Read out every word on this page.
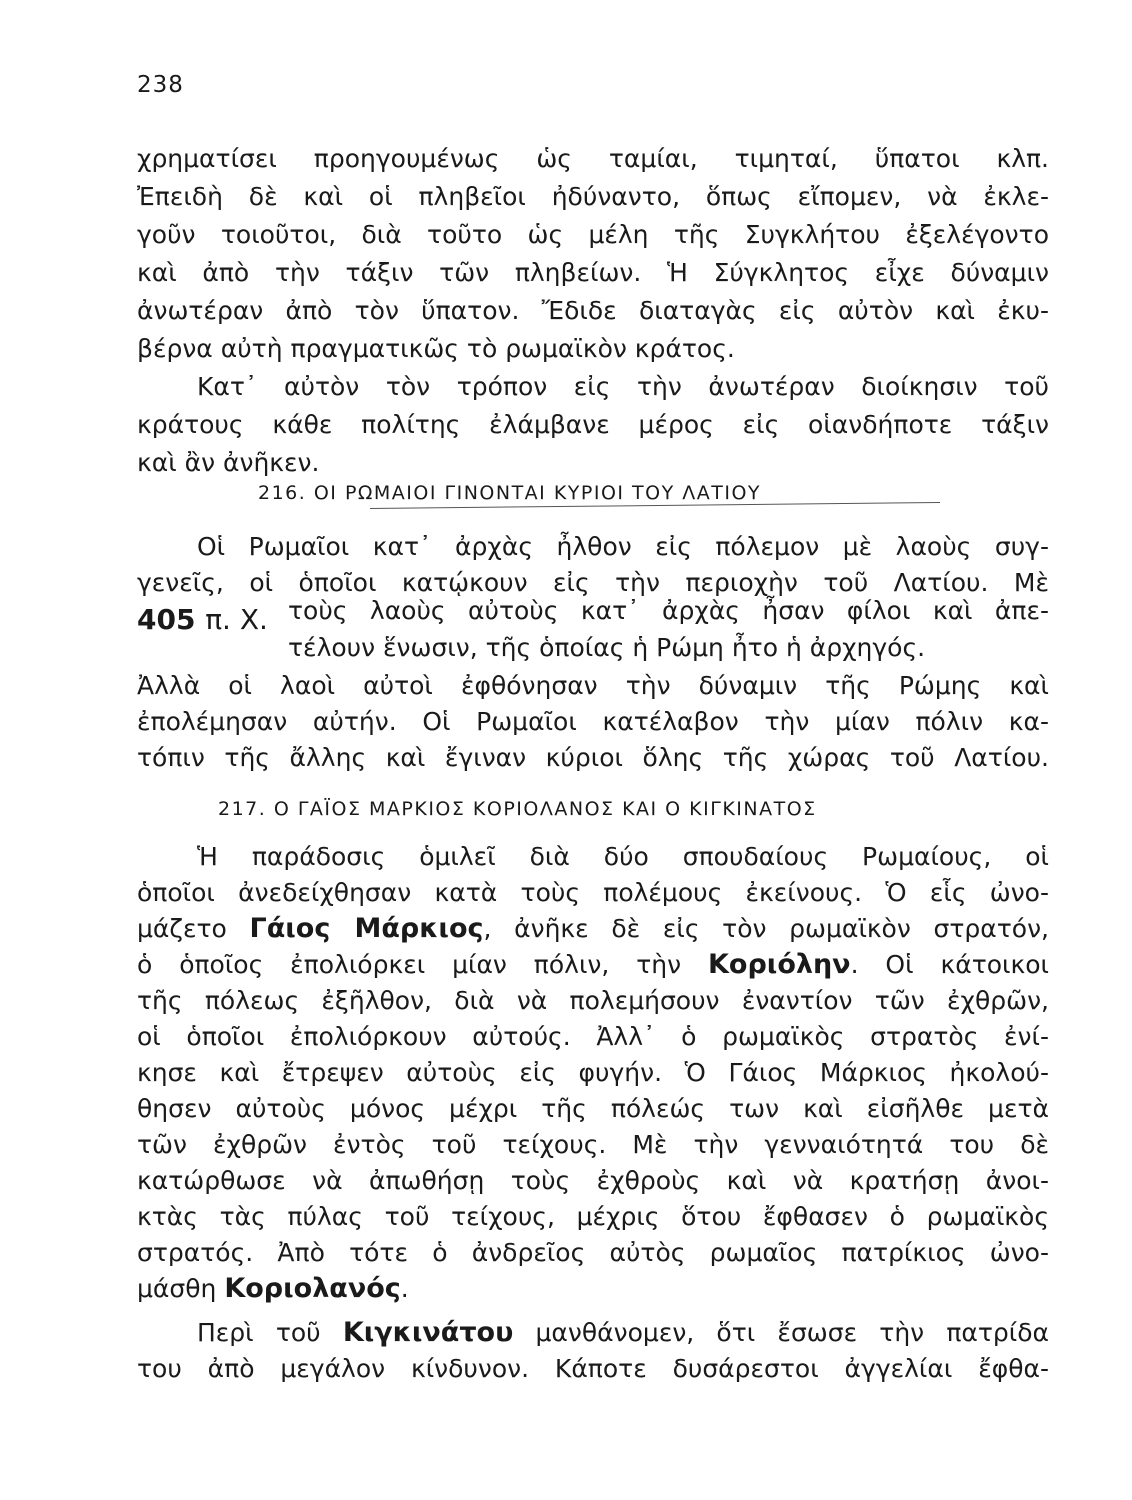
238
χρηματίσει προηγουμένως ὡς ταμίαι, τιμηταί, ὕπατοι κλπ.
Ἐπειδὴ δὲ καὶ οἱ πληβεῖοι ἠδύναντο, ὅπως εἴπομεν, νὰ ἐκλε-
γοῦν τοιοῦτοι, διὰ τοῦτο ὡς μέλη τῆς Συγκλήτου ἐξελέγοντο
καὶ ἀπὸ τὴν τάξιν τῶν πληβείων. Ἡ Σύγκλητος εἶχε δύναμιν
ἀνωτέραν ἀπὸ τὸν ὕπατον. Ἔδιδε διαταγὰς εἰς αὐτὸν καὶ ἐκυ-
βέρνα αὐτὴ πραγματικῶς τὸ ρωμαϊκὸν κράτος.
Κατ᾽ αὐτὸν τὸν τρόπον εἰς τὴν ἀνωτέραν διοίκησιν τοῦ
κράτους κάθε πολίτης ἐλάμβανε μέρος εἰς οἱανδήποτε τάξιν
καὶ ἂν ἀνῆκεν.
216. ΟΙ ΡΩΜΑΙΟΙ ΓΙΝΟΝΤΑΙ ΚΥΡΙΟΙ ΤΟΥ ΛΑΤΙΟΥ
Οἱ Ρωμαῖοι κατ᾽ ἀρχὰς ἦλθον εἰς πόλεμον μὲ λαοὺς συγ-
γενεῖς, οἱ ὁποῖοι κατῴκουν εἰς τὴν περιοχὴν τοῦ Λατίου. Μὲ
405 π. Χ. τοὺς λαοὺς αὐτοὺς κατ᾽ ἀρχὰς ἦσαν φίλοι καὶ ἀπε-
τέλουν ἕνωσιν, τῆς ὁποίας ἡ Ρώμη ἦτο ἡ ἀρχηγός.
Ἀλλὰ οἱ λαοὶ αὐτοὶ ἐφθόνησαν τὴν δύναμιν τῆς Ρώμης καὶ
ἐπολέμησαν αὐτήν. Οἱ Ρωμαῖοι κατέλαβον τὴν μίαν πόλιν κα-
τόπιν τῆς ἄλλης καὶ ἔγιναν κύριοι ὅλης τῆς χώρας τοῦ Λατίου.
217. Ο ΓΑΪΟΣ ΜΑΡΚΙΟΣ ΚΟΡΙΟΛΑΝΟΣ ΚΑΙ Ο ΚΙΓΚΙΝΑΤΟΣ
Ἡ παράδοσις ὁμιλεῖ διὰ δύο σπουδαίους Ρωμαίους, οἱ
ὁποῖοι ἀνεδείχθησαν κατὰ τοὺς πολέμους ἐκείνους. Ὁ εἷς ὠνο-
μάζετο Γάιος Μάρκιος, ἀνῆκε δὲ εἰς τὸν ρωμαϊκὸν στρατόν,
ὁ ὁποῖος ἐπολιόρκει μίαν πόλιν, τὴν Κοριόλην. Οἱ κάτοικοι
τῆς πόλεως ἐξῆλθον, διὰ νὰ πολεμήσουν ἐναντίον τῶν ἐχθρῶν,
οἱ ὁποῖοι ἐπολιόρκουν αὐτούς. Ἀλλ᾽ ὁ ρωμαϊκὸς στρατὸς ἐνί-
κησε καὶ ἔτρεψεν αὐτοὺς εἰς φυγήν. Ὁ Γάιος Μάρκιος ἠκολού-
θησεν αὐτοὺς μόνος μέχρι τῆς πόλεώς των καὶ εἰσῆλθε μετὰ
τῶν ἐχθρῶν ἐντὸς τοῦ τείχους. Μὲ τὴν γενναιότητά του δὲ
κατώρθωσε νὰ ἀπωθήσῃ τοὺς ἐχθροὺς καὶ νὰ κρατήσῃ ἀνοι-
κτὰς τὰς πύλας τοῦ τείχους, μέχρις ὅτου ἔφθασεν ὁ ρωμαϊκὸς
στρατός. Ἀπὸ τότε ὁ ἀνδρεῖος αὐτὸς ρωμαῖος πατρίκιος ὠνο-
μάσθη Κοριολανός.
Περὶ τοῦ Κιγκινάτου μανθάνομεν, ὅτι ἔσωσε τὴν πατρίδα
του ἀπὸ μεγάλον κίνδυνον. Κάποτε δυσάρεστοι ἀγγελίαι ἔφθα-
